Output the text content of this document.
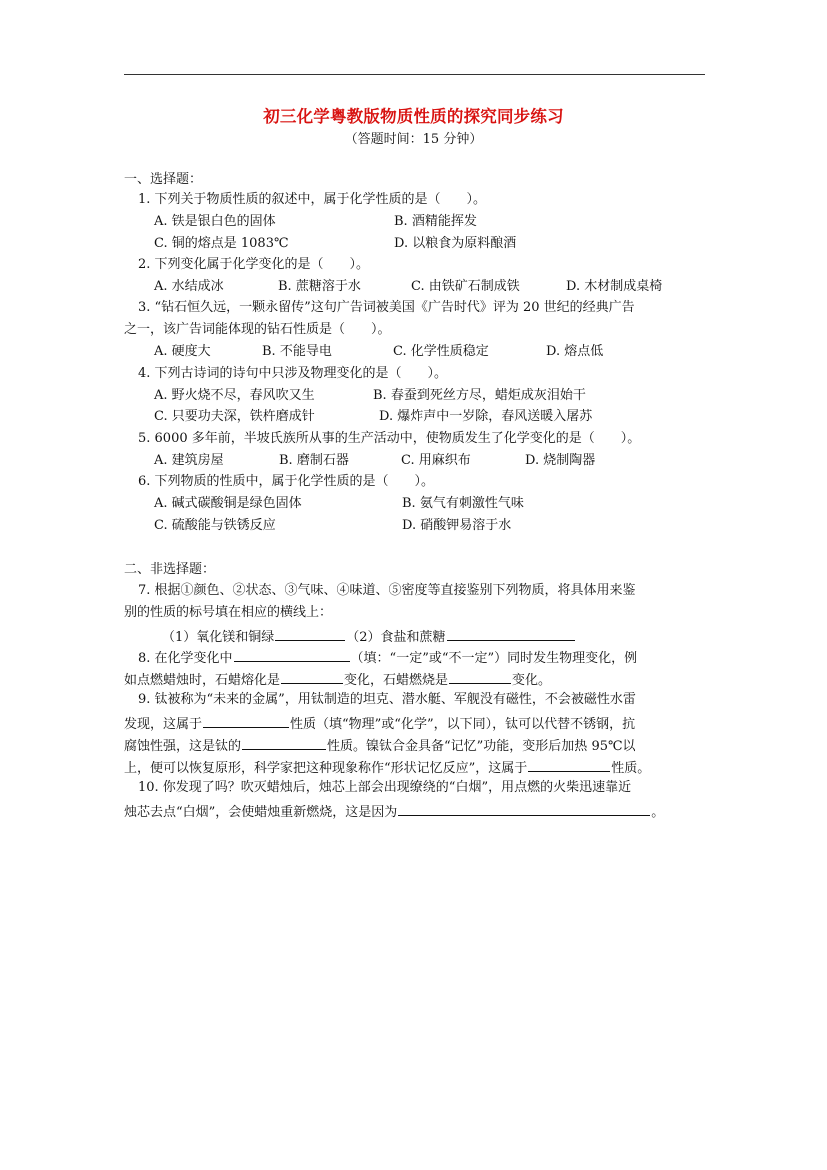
初三化学粤教版物质性质的探究同步练习
（答题时间：15 分钟）
一、选择题：
1. 下列关于物质性质的叙述中，属于化学性质的是（　　）。
A. 铁是银白色的固体	B. 酒精能挥发
C. 铜的熔点是 1083℃	D. 以粮食为原料酿酒
2. 下列变化属于化学变化的是（　　）。
A. 水结成冰	B. 蔗糖溶于水	C. 由铁矿石制成铁	D. 木材制成桌椅
3. “钻石恒久远，一颗永留传”这句广告词被美国《广告时代》评为 20 世纪的经典广告
之一，该广告词能体现的钻石性质是（　　）。
A. 硬度大	B. 不能导电	C. 化学性质稳定	D. 熔点低
4. 下列古诗词的诗句中只涉及物理变化的是（　　）。
A. 野火烧不尽，春风吹又生	B. 春蚕到死丝方尽，蜡炬成灰泪始干
C. 只要功夫深，铁杵磨成针	D. 爆炸声中一岁除，春风送暖入屠苏
5. 6000 多年前，半坡氏族所从事的生产活动中，使物质发生了化学变化的是（　　）。
A. 建筑房屋	B. 磨制石器	C. 用麻织布	D. 烧制陶器
6. 下列物质的性质中，属于化学性质的是（　　）。
A. 碱式碳酸铜是绿色固体	B. 氨气有刺激性气味
C. 硫酸能与铁锈反应	D. 硝酸钾易溶于水
二、非选择题：
7. 根据①颜色、②状态、③气味、④味道、⑤密度等直接鉴别下列物质，将具体用来鉴
别的性质的标号填在相应的横线上：
（1）氧化镁和铜绿	（2）食盐和蔗糖
8. 在化学变化中	（填：“一定”或“不一定”）同时发生物理变化，例
如点燃蜡烛时，石蜡熔化是	变化，石蜡燃烧是	变化。
9. 钛被称为“未来的金属”，用钛制造的坦克、潜水艇、军舰没有磁性，不会被磁性水雷
发现，这属于	性质（填“物理”或“化学”，以下同），钛可以代替不锈钢，抗
腐蚀性强，这是钛的	性质。镍钛合金具备“记忆”功能，变形后加热 95℃以
上，便可以恢复原形，科学家把这种现象称作“形状记忆反应”，这属于	性质。
10. 你发现了吗？吹灭蜡烛后，烛芯上部会出现缭绕的“白烟”，用点燃的火柴迅速靠近
烛芯去点“白烟”，会使蜡烛重新燃烧，这是因为	。
